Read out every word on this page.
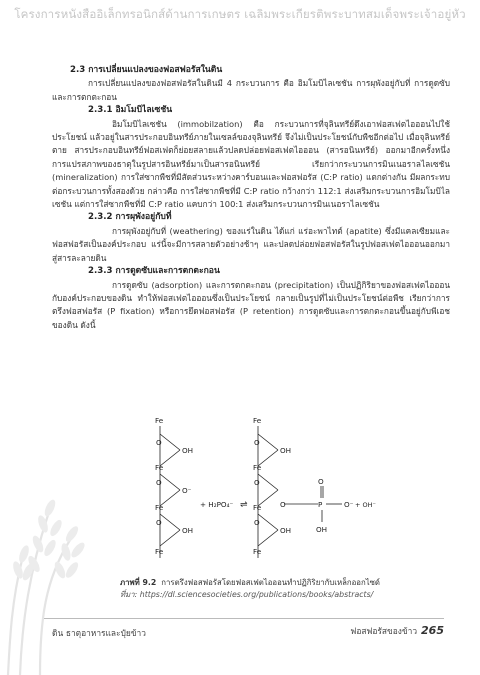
โครงการหนังสืออิเล็กทรอนิกส์ด้านการเกษตร เฉลิมพระเกียรติพระบาทสมเด็จพระเจ้าอยู่หัว
2.3 การเปลี่ยนแปลงของฟอสฟอรัสในดิน

การเปลี่ยนแปลงของฟอสฟอรัสในดินมี 4 กระบวนการ คือ อิมโมบิไลเซชัน การผุพังอยู่กับที่ การดูดซับและการตกตะกอน

2.3.1 อิมโมบิไลเซชัน

อิมโมบิไลเซชัน (immobilzation) คือ กระบวนการที่จุลินทรีย์ดึงเอาฟอสเฟตไอออนไปใช้ประโยชน์ แล้วอยู่ในสารประกอบอินทรีย์ภายในเซลล์ของจุลินทรีย์ จึงไม่เป็นประโยชน์กับพืชอีกต่อไป เมื่อจุลินทรีย์ตาย สารประกอบอินทรีย์ฟอสเฟตก็ย่อยสลายแล้วปลดปล่อยฟอสเฟตไอออน (สารอนินทรีย์) ออกมาอีกครั้งหนึ่ง การแปรสภาพของธาตุในรูปสารอินทรีย์มาเป็นสารอนินทรีย์ เรียกว่ากระบวนการมินเนอราลไลเซชัน (mineralization) การใส่ซากพืชที่มีสัดส่วนระหว่างคาร์บอนและฟอสฟอรัส (C:P ratio) แตกต่างกัน มีผลกระทบต่อกระบวนการทั้งสองด้วย กล่าวคือ การใส่ซากพืชที่มี C:P ratio กว้างกว่า 112:1 ส่งเสริมกระบวนการอิมโมบิไลเซชัน แต่การใส่ซากพืชที่มี C:P ratio แคบกว่า 100:1 ส่งเสริมกระบวนการมินเนอราไลเซชัน

2.3.2 การผุพังอยู่กับที่

การผุพังอยู่กับที่ (weathering) ของแร่ในดิน ได้แก่ แร่อะพาไทต์ (apatite) ซึ่งมีแคลเซียมและฟอสฟอรัสเป็นองค์ประกอบ แร่นี้จะมีการสลายตัวอย่างช้าๆ และปลดปล่อยฟอสฟอรัสในรูปฟอสเฟตไอออนออกมาสู่สารละลายดิน

2.3.3 การดูดซับและการตกตะกอน

การดูดซับ (adsorption) และการตกตะกอน (precipitation) เป็นปฏิกิริยาของฟอสเฟตไอออนกับองค์ประกอบของดิน ทำให้ฟอสเฟตไอออนซึ่งเป็นประโยชน์ กลายเป็นรูปที่ไม่เป็นประโยชน์ต่อพืช เรียกว่าการตรึงฟอสฟอรัส (P fixation) หรือการยึดฟอสฟอรัส (P retention) การดูดซับและการตกตะกอนขึ้นอยู่กับพีเอชของดิน ดังนี้

Fe
Fe
Fe
Fe
O
O
O
OH
O⁻
OH
+ H₂PO₄⁻ ⇌
Fe
Fe
Fe
Fe
O
O
O
OH
O
OH
O
P	O⁻
OH
+ OH⁻
ภาพที่ 9.2 การตรึงฟอสฟอรัสโดยฟอสเฟตไอออนทำปฏิกิริยากับเหล็กออกไซด์
ที่มา: https://dl.sciencesocieties.org/publications/books/abstracts/
ดิน ธาตุอาหารและปุ๋ยข้าว	ฟอสฟอรัสของข้าว 265
